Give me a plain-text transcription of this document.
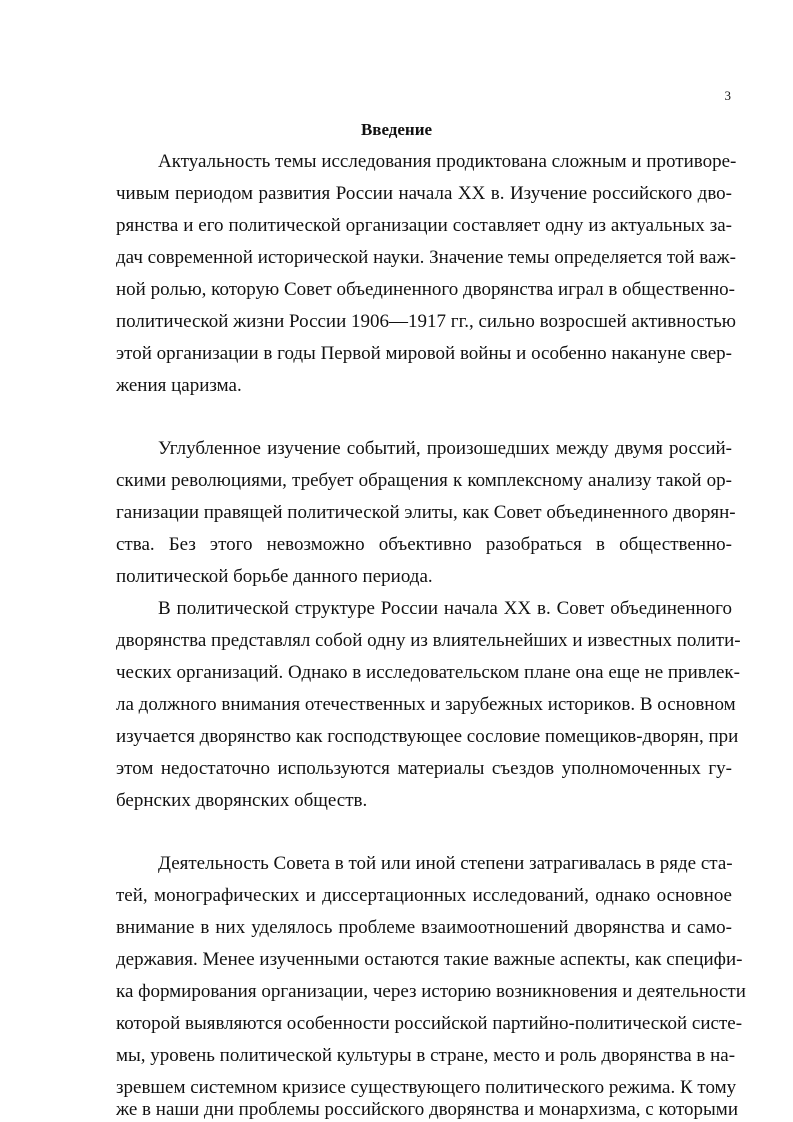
3
Введение
Актуальность темы исследования продиктована сложным и противоре-
чивым периодом развития России начала XX в. Изучение российского дво-
рянства и его политической организации составляет одну из актуальных за-
дач современной исторической науки. Значение темы определяется той важ-
ной ролью, которую Совет объединенного дворянства играл в общественно-
политической жизни России 1906—1917 гг., сильно возросшей активностью
этой организации в годы Первой мировой войны и особенно накануне свер-
жения царизма.
Углубленное изучение событий, произошедших между двумя россий-
скими революциями, требует обращения к комплексному анализу такой ор-
ганизации правящей политической элиты, как Совет объединенного дворян-
ства. Без этого невозможно объективно разобраться в общественно-
политической борьбе данного периода.
В политической структуре России начала XX в. Совет объединенного
дворянства представлял собой одну из влиятельнейших и известных полити-
ческих организаций. Однако в исследовательском плане она еще не привлек-
ла должного внимания отечественных и зарубежных историков. В основном
изучается дворянство как господствующее сословие помещиков-дворян, при
этом недостаточно используются материалы съездов уполномоченных гу-
бернских дворянских обществ.
Деятельность Совета в той или иной степени затрагивалась в ряде ста-
тей, монографических и диссертационных исследований, однако основное
внимание в них уделялось проблеме взаимоотношений дворянства и само-
державия. Менее изученными остаются такие важные аспекты, как специфи-
ка формирования организации, через историю возникновения и деятельности
которой выявляются особенности российской партийно-политической систе-
мы, уровень политической культуры в стране, место и роль дворянства в на-
зревшем системном кризисе существующего политического режима. К тому
же в наши дни проблемы российского дворянства и монархизма, с которыми
